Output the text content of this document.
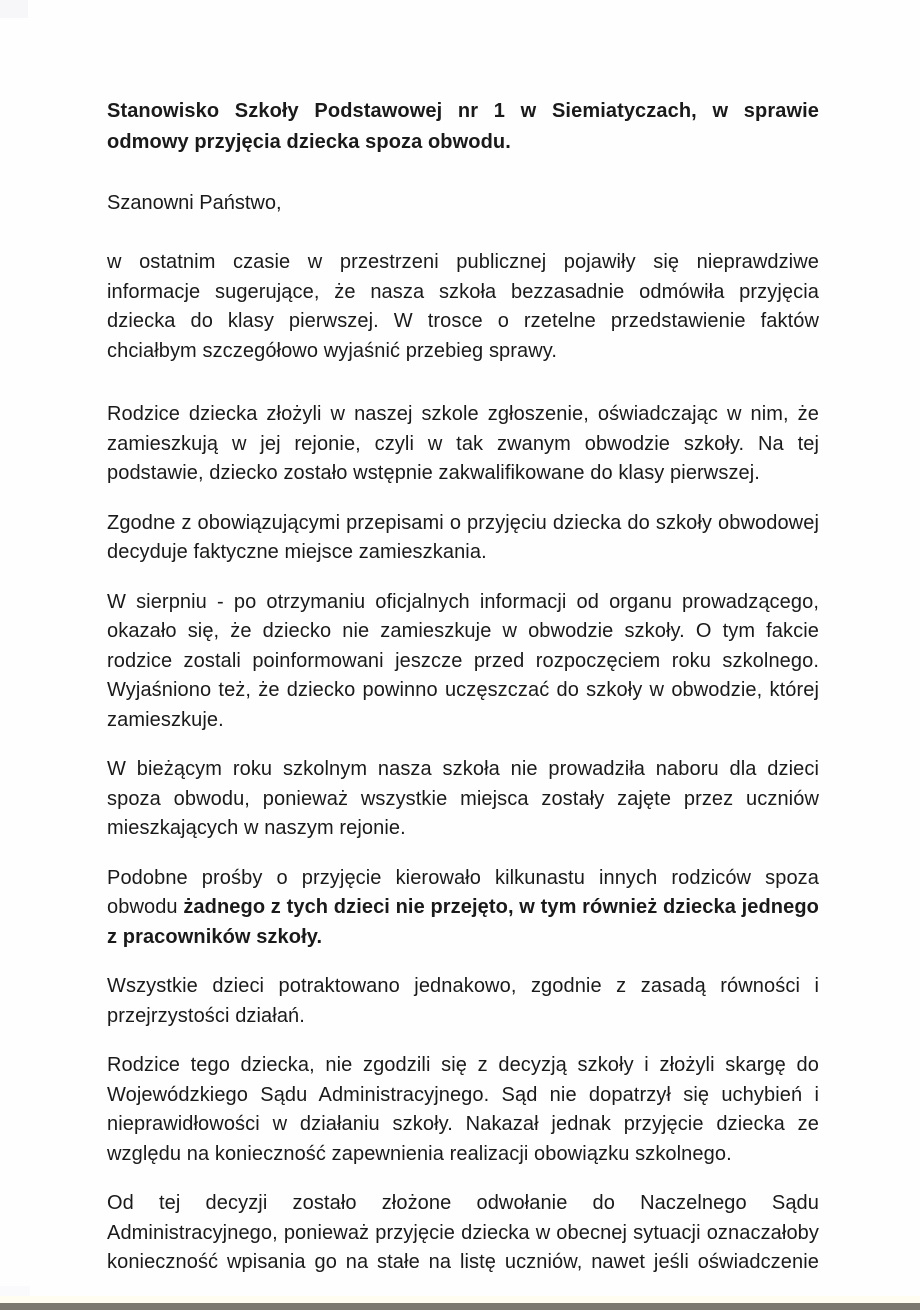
Stanowisko Szkoły Podstawowej nr 1 w Siemiatyczach, w sprawie odmowy przyjęcia dziecka spoza obwodu.

Szanowni Państwo,

w ostatnim czasie w przestrzeni publicznej pojawiły się nieprawdziwe informacje sugerujące, że nasza szkoła bezzasadnie odmówiła przyjęcia dziecka do klasy pierwszej. W trosce o rzetelne przedstawienie faktów chciałbym szczegółowo wyjaśnić przebieg sprawy.

Rodzice dziecka złożyli w naszej szkole zgłoszenie, oświadczając w nim, że zamieszkują w jej rejonie, czyli w tak zwanym obwodzie szkoły. Na tej podstawie, dziecko zostało wstępnie zakwalifikowane do klasy pierwszej.

Zgodne z obowiązującymi przepisami o przyjęciu dziecka do szkoły obwodowej decyduje faktyczne miejsce zamieszkania.

W sierpniu - po otrzymaniu oficjalnych informacji od organu prowadzącego, okazało się, że dziecko nie zamieszkuje w obwodzie szkoły. O tym fakcie rodzice zostali poinformowani jeszcze przed rozpoczęciem roku szkolnego. Wyjaśniono też, że dziecko powinno uczęszczać do szkoły w obwodzie, której zamieszkuje.

W bieżącym roku szkolnym nasza szkoła nie prowadziła naboru dla dzieci spoza obwodu, ponieważ wszystkie miejsca zostały zajęte przez uczniów mieszkających w naszym rejonie.

Podobne prośby o przyjęcie kierowało kilkunastu innych rodziców spoza obwodu żadnego z tych dzieci nie przejęto, w tym również dziecka jednego z pracowników szkoły.

Wszystkie dzieci potraktowano jednakowo, zgodnie z zasadą równości i przejrzystości działań.

Rodzice tego dziecka, nie zgodzili się z decyzją szkoły i złożyli skargę do Wojewódzkiego Sądu Administracyjnego. Sąd nie dopatrzył się uchybień i nieprawidłowości w działaniu szkoły. Nakazał jednak przyjęcie dziecka ze względu na konieczność zapewnienia realizacji obowiązku szkolnego.

Od tej decyzji zostało złożone odwołanie do Naczelnego Sądu Administracyjnego, ponieważ przyjęcie dziecka w obecnej sytuacji oznaczałoby konieczność wpisania go na stałe na listę uczniów, nawet jeśli oświadczenie
